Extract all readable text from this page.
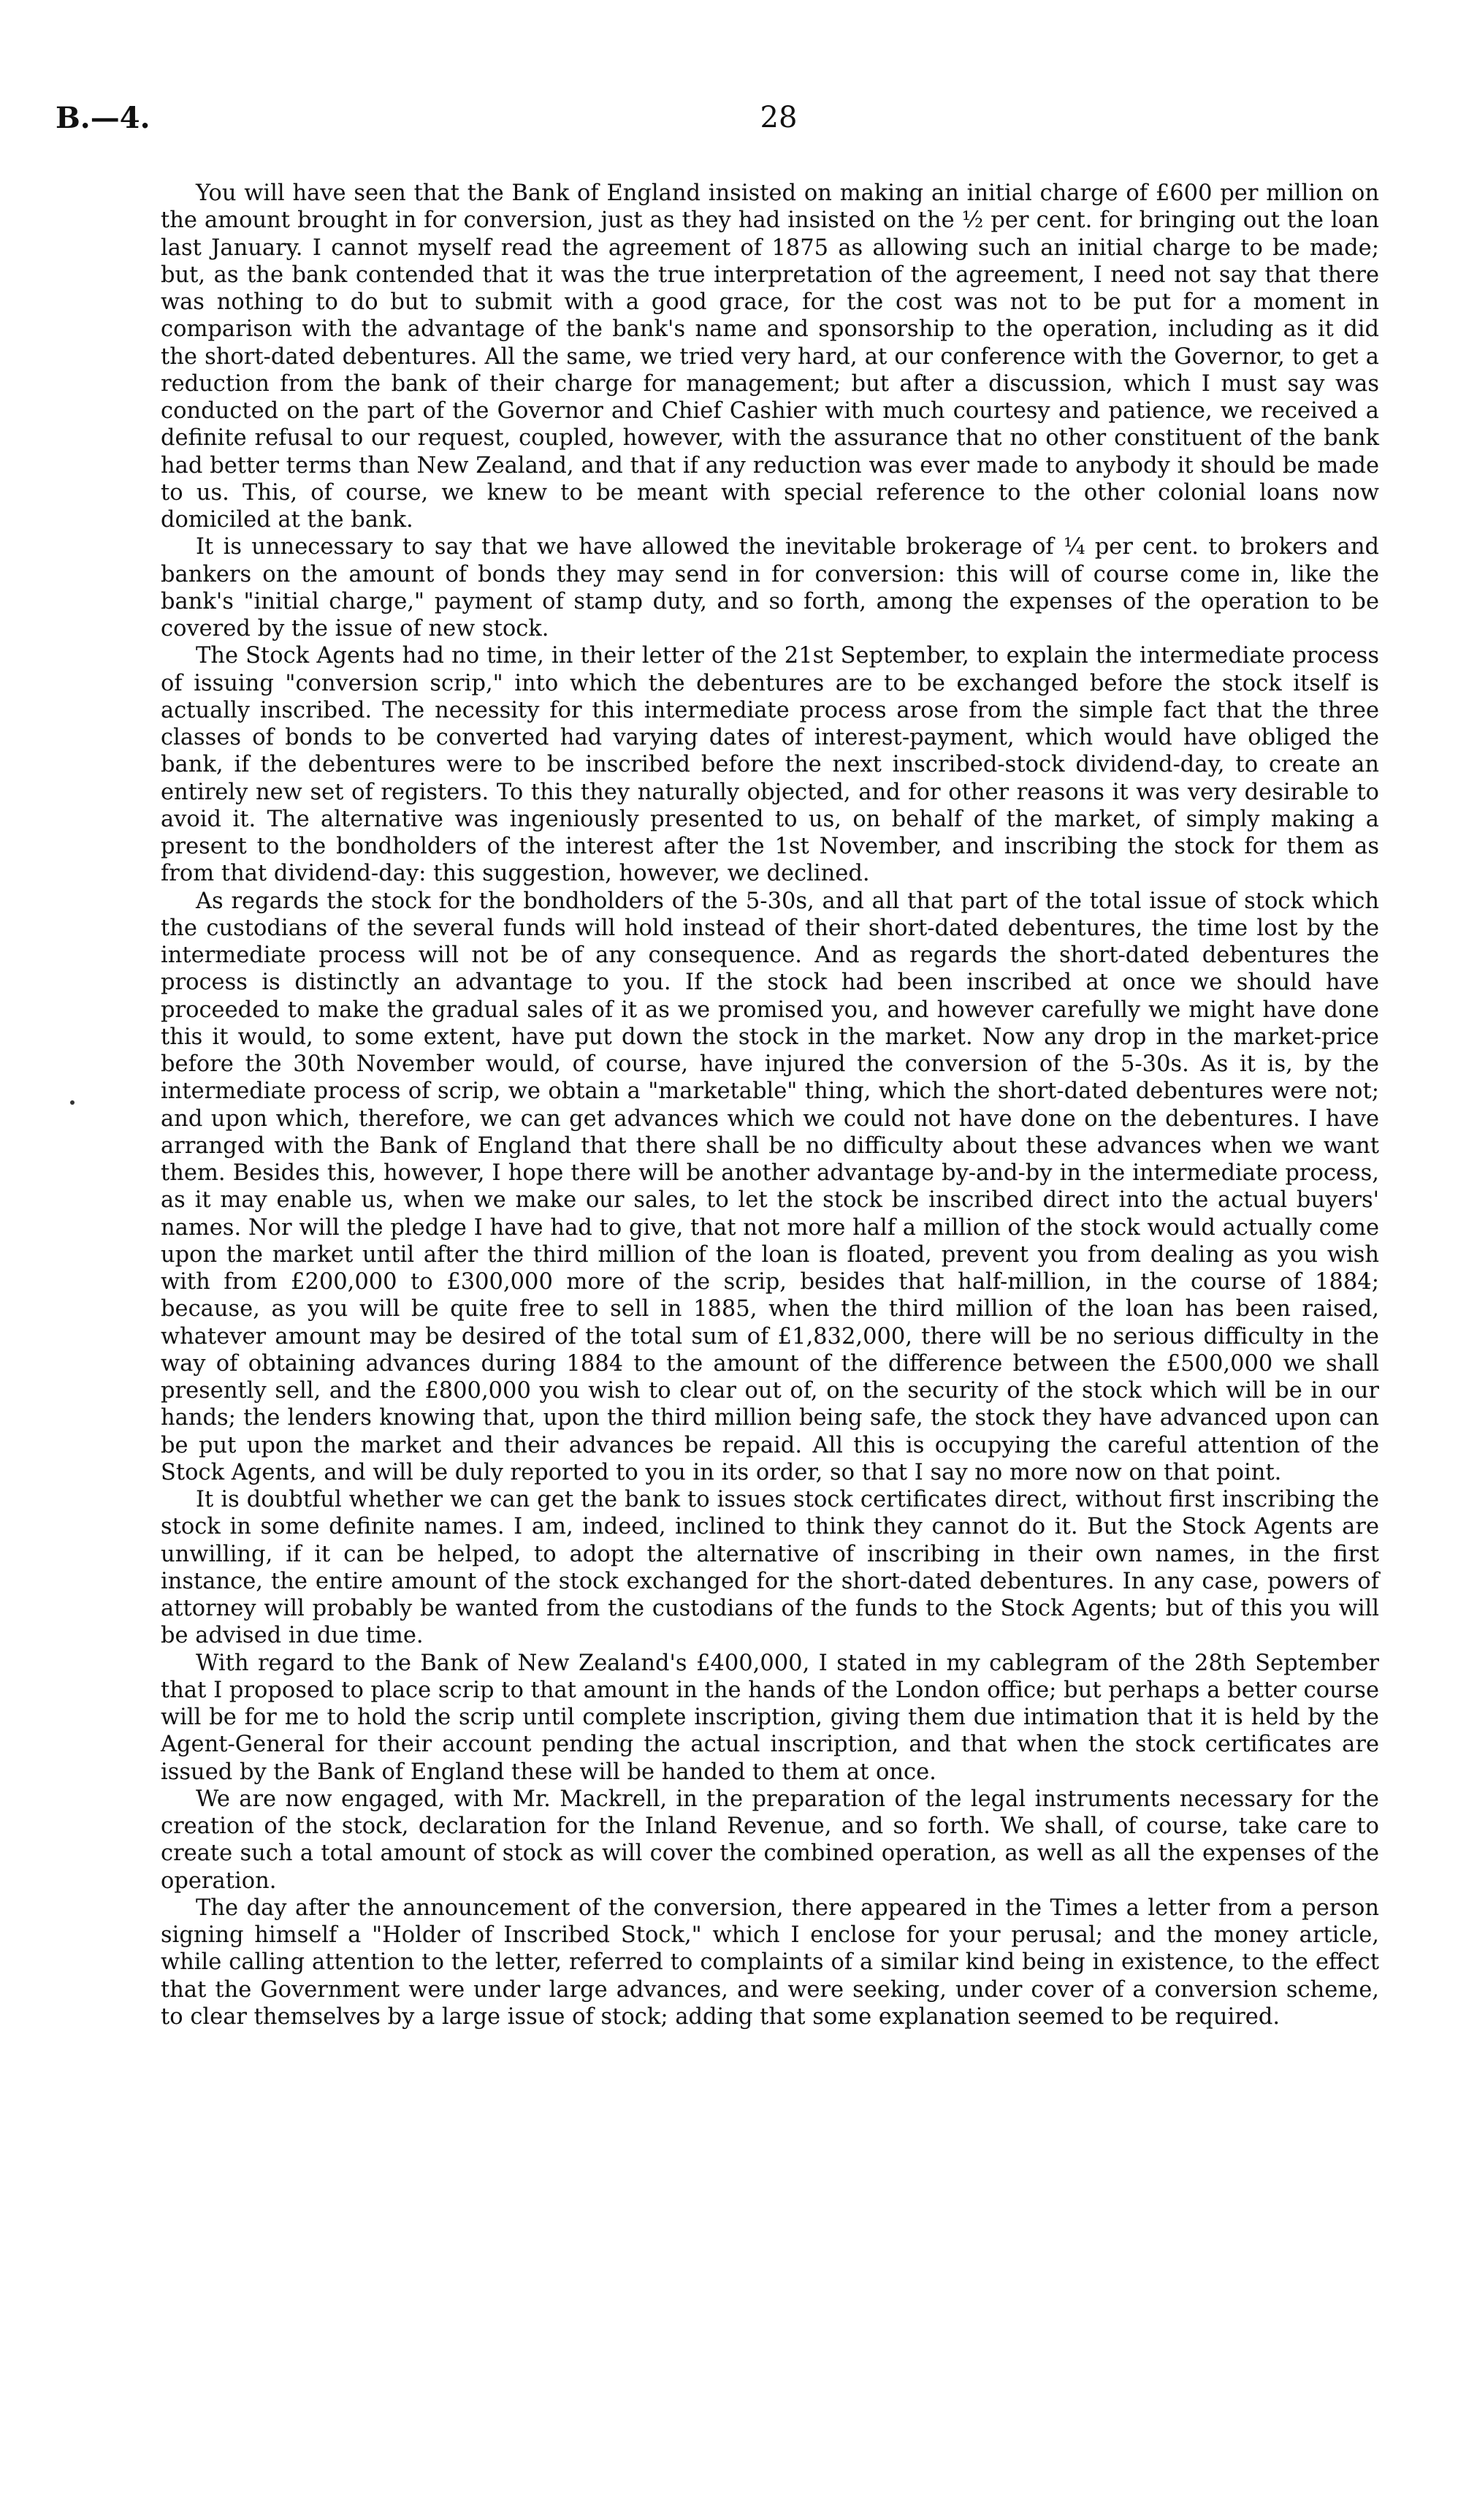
B.—4.	28

You will have seen that the Bank of England insisted on making an initial charge of £600 per million on the amount brought in for conversion, just as they had insisted on the ½ per cent. for bringing out the loan last January. I cannot myself read the agreement of 1875 as allowing such an initial charge to be made; but, as the bank contended that it was the true interpretation of the agreement, I need not say that there was nothing to do but to submit with a good grace, for the cost was not to be put for a moment in comparison with the advantage of the bank's name and sponsorship to the operation, including as it did the short-dated debentures. All the same, we tried very hard, at our conference with the Governor, to get a reduction from the bank of their charge for management; but after a discussion, which I must say was conducted on the part of the Governor and Chief Cashier with much courtesy and patience, we received a definite refusal to our request, coupled, however, with the assurance that no other constituent of the bank had better terms than New Zealand, and that if any reduction was ever made to anybody it should be made to us. This, of course, we knew to be meant with special reference to the other colonial loans now domiciled at the bank.

It is unnecessary to say that we have allowed the inevitable brokerage of ¼ per cent. to brokers and bankers on the amount of bonds they may send in for conversion: this will of course come in, like the bank's "initial charge," payment of stamp duty, and so forth, among the expenses of the operation to be covered by the issue of new stock.

The Stock Agents had no time, in their letter of the 21st September, to explain the intermediate process of issuing "conversion scrip," into which the debentures are to be exchanged before the stock itself is actually inscribed. The necessity for this intermediate process arose from the simple fact that the three classes of bonds to be converted had varying dates of interest-payment, which would have obliged the bank, if the debentures were to be inscribed before the next inscribed-stock dividend-day, to create an entirely new set of registers. To this they naturally objected, and for other reasons it was very desirable to avoid it. The alternative was ingeniously presented to us, on behalf of the market, of simply making a present to the bondholders of the interest after the 1st November, and inscribing the stock for them as from that dividend-day: this suggestion, however, we declined.

As regards the stock for the bondholders of the 5-30s, and all that part of the total issue of stock which the custodians of the several funds will hold instead of their short-dated debentures, the time lost by the intermediate process will not be of any consequence. And as regards the short-dated debentures the process is distinctly an advantage to you. If the stock had been inscribed at once we should have proceeded to make the gradual sales of it as we promised you, and however carefully we might have done this it would, to some extent, have put down the stock in the market. Now any drop in the market-price before the 30th November would, of course, have injured the conversion of the 5-30s. As it is, by the intermediate process of scrip, we obtain a "marketable" thing, which the short-dated debentures were not; and upon which, therefore, we can get advances which we could not have done on the debentures. I have arranged with the Bank of England that there shall be no difficulty about these advances when we want them. Besides this, however, I hope there will be another advantage by-and-by in the intermediate process, as it may enable us, when we make our sales, to let the stock be inscribed direct into the actual buyers' names. Nor will the pledge I have had to give, that not more half a million of the stock would actually come upon the market until after the third million of the loan is floated, prevent you from dealing as you wish with from £200,000 to £300,000 more of the scrip, besides that half-million, in the course of 1884; because, as you will be quite free to sell in 1885, when the third million of the loan has been raised, whatever amount may be desired of the total sum of £1,832,000, there will be no serious difficulty in the way of obtaining advances during 1884 to the amount of the difference between the £500,000 we shall presently sell, and the £800,000 you wish to clear out of, on the security of the stock which will be in our hands; the lenders knowing that, upon the third million being safe, the stock they have advanced upon can be put upon the market and their advances be repaid. All this is occupying the careful attention of the Stock Agents, and will be duly reported to you in its order, so that I say no more now on that point.

It is doubtful whether we can get the bank to issues stock certificates direct, without first inscribing the stock in some definite names. I am, indeed, inclined to think they cannot do it. But the Stock Agents are unwilling, if it can be helped, to adopt the alternative of inscribing in their own names, in the first instance, the entire amount of the stock exchanged for the short-dated debentures. In any case, powers of attorney will probably be wanted from the custodians of the funds to the Stock Agents; but of this you will be advised in due time.

With regard to the Bank of New Zealand's £400,000, I stated in my cablegram of the 28th September that I proposed to place scrip to that amount in the hands of the London office; but perhaps a better course will be for me to hold the scrip until complete inscription, giving them due intimation that it is held by the Agent-General for their account pending the actual inscription, and that when the stock certificates are issued by the Bank of England these will be handed to them at once.

We are now engaged, with Mr. Mackrell, in the preparation of the legal instruments necessary for the creation of the stock, declaration for the Inland Revenue, and so forth. We shall, of course, take care to create such a total amount of stock as will cover the combined operation, as well as all the expenses of the operation.

The day after the announcement of the conversion, there appeared in the Times a letter from a person signing himself a "Holder of Inscribed Stock," which I enclose for your perusal; and the money article, while calling attention to the letter, referred to complaints of a similar kind being in existence, to the effect that the Government were under large advances, and were seeking, under cover of a conversion scheme, to clear themselves by a large issue of stock; adding that some explanation seemed to be required.
